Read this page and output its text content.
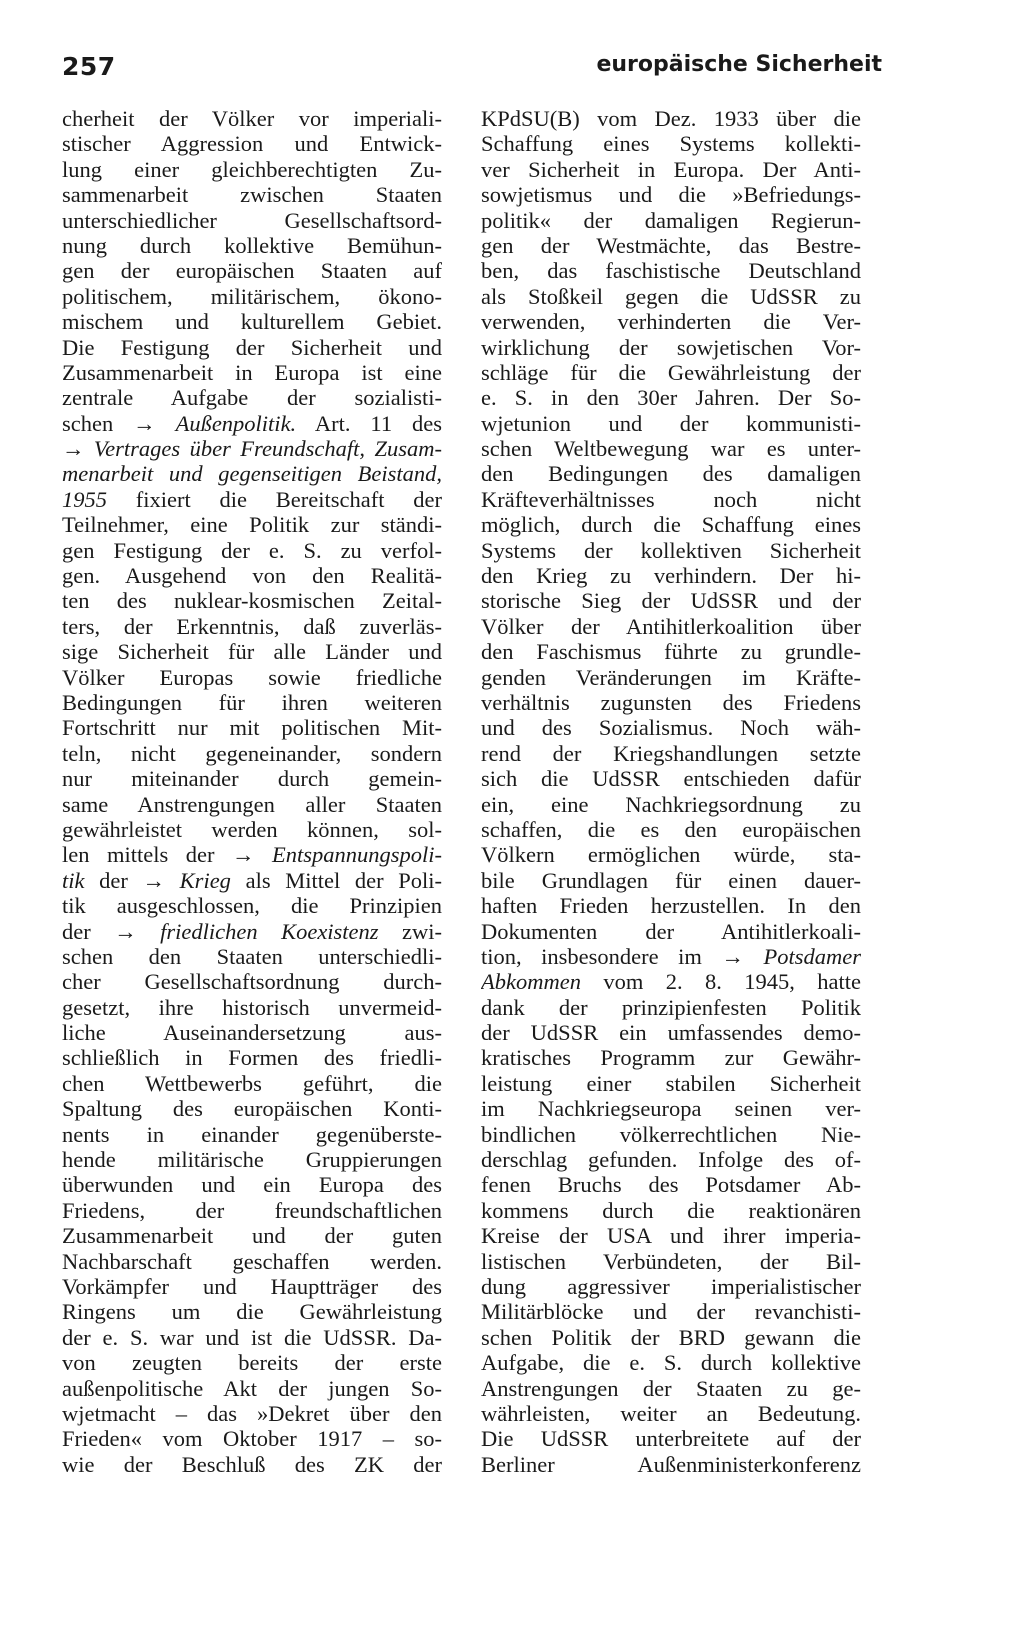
257	europäische Sicherheit
cherheit der Völker vor imperiali-
stischer Aggression und Entwick-
lung einer gleichberechtigten Zu-
sammenarbeit zwischen Staaten
unterschiedlicher Gesellschaftsord-
nung durch kollektive Bemühun-
gen der europäischen Staaten auf
politischem, militärischem, ökono-
mischem und kulturellem Gebiet.
Die Festigung der Sicherheit und
Zusammenarbeit in Europa ist eine
zentrale Aufgabe der sozialisti-
schen → Außenpolitik. Art. 11 des
→ Vertrages über Freundschaft, Zusam-
menarbeit und gegenseitigen Beistand,
1955 fixiert die Bereitschaft der
Teilnehmer, eine Politik zur ständi-
gen Festigung der e. S. zu verfol-
gen. Ausgehend von den Realitä-
ten des nuklear-kosmischen Zeital-
ters, der Erkenntnis, daß zuverläs-
sige Sicherheit für alle Länder und
Völker Europas sowie friedliche
Bedingungen für ihren weiteren
Fortschritt nur mit politischen Mit-
teln, nicht gegeneinander, sondern
nur miteinander durch gemein-
same Anstrengungen aller Staaten
gewährleistet werden können, sol-
len mittels der → Entspannungspoli-
tik der → Krieg als Mittel der Poli-
tik ausgeschlossen, die Prinzipien
der → friedlichen Koexistenz zwi-
schen den Staaten unterschiedli-
cher Gesellschaftsordnung durch-
gesetzt, ihre historisch unvermeid-
liche Auseinandersetzung aus-
schließlich in Formen des friedli-
chen Wettbewerbs geführt, die
Spaltung des europäischen Konti-
nents in einander gegenüberste-
hende militärische Gruppierungen
überwunden und ein Europa des
Friedens, der freundschaftlichen
Zusammenarbeit und der guten
Nachbarschaft geschaffen werden.
Vorkämpfer und Hauptträger des
Ringens um die Gewährleistung
der e. S. war und ist die UdSSR. Da-
von zeugten bereits der erste
außenpolitische Akt der jungen So-
wjetmacht – das »Dekret über den
Frieden« vom Oktober 1917 – so-
wie der Beschluß des ZK der
KPdSU(B) vom Dez. 1933 über die
Schaffung eines Systems kollekti-
ver Sicherheit in Europa. Der Anti-
sowjetismus und die »Befriedungs-
politik« der damaligen Regierun-
gen der Westmächte, das Bestre-
ben, das faschistische Deutschland
als Stoßkeil gegen die UdSSR zu
verwenden, verhinderten die Ver-
wirklichung der sowjetischen Vor-
schläge für die Gewährleistung der
e. S. in den 30er Jahren. Der So-
wjetunion und der kommunisti-
schen Weltbewegung war es unter-
den Bedingungen des damaligen
Kräfteverhältnisses noch nicht
möglich, durch die Schaffung eines
Systems der kollektiven Sicherheit
den Krieg zu verhindern. Der hi-
storische Sieg der UdSSR und der
Völker der Antihitlerkoalition über
den Faschismus führte zu grundle-
genden Veränderungen im Kräfte-
verhältnis zugunsten des Friedens
und des Sozialismus. Noch wäh-
rend der Kriegshandlungen setzte
sich die UdSSR entschieden dafür
ein, eine Nachkriegsordnung zu
schaffen, die es den europäischen
Völkern ermöglichen würde, sta-
bile Grundlagen für einen dauer-
haften Frieden herzustellen. In den
Dokumenten der Antihitlerkoali-
tion, insbesondere im → Potsdamer
Abkommen vom 2. 8. 1945, hatte
dank der prinzipienfesten Politik
der UdSSR ein umfassendes demo-
kratisches Programm zur Gewähr-
leistung einer stabilen Sicherheit
im Nachkriegseuropa seinen ver-
bindlichen völkerrechtlichen Nie-
derschlag gefunden. Infolge des of-
fenen Bruchs des Potsdamer Ab-
kommens durch die reaktionären
Kreise der USA und ihrer imperia-
listischen Verbündeten, der Bil-
dung aggressiver imperialistischer
Militärblöcke und der revanchisti-
schen Politik der BRD gewann die
Aufgabe, die e. S. durch kollektive
Anstrengungen der Staaten zu ge-
währleisten, weiter an Bedeutung.
Die UdSSR unterbreitete auf der
Berliner Außenministerkonferenz
